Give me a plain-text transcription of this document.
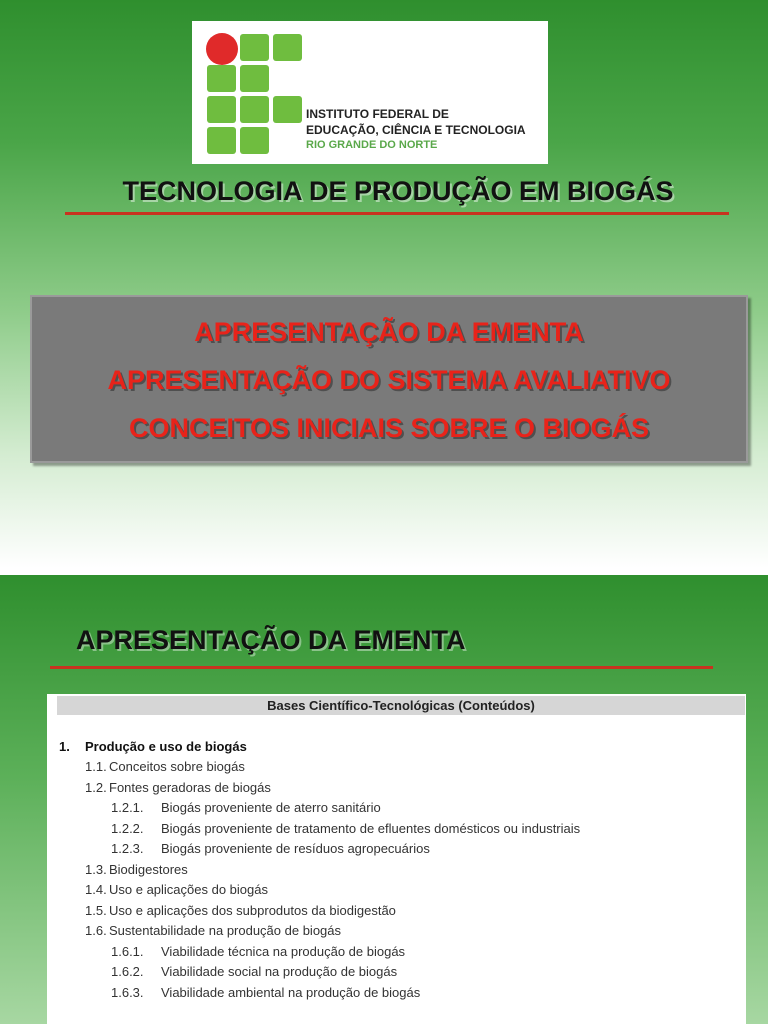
INSTITUTO FEDERAL DE
EDUCAÇÃO, CIÊNCIA E TECNOLOGIA
RIO GRANDE DO NORTE
TECNOLOGIA DE PRODUÇÃO EM BIOGÁS
APRESENTAÇÃO DA EMENTA
APRESENTAÇÃO DO SISTEMA AVALIATIVO
CONCEITOS INICIAIS SOBRE O BIOGÁS
APRESENTAÇÃO DA EMENTA
Bases Científico-Tecnológicas (Conteúdos)
1. Produção e uso de biogás
1.1. Conceitos sobre biogás
1.2. Fontes geradoras de biogás
1.2.1. Biogás proveniente de aterro sanitário
1.2.2. Biogás proveniente de tratamento de efluentes domésticos ou industriais
1.2.3. Biogás proveniente de resíduos agropecuários
1.3. Biodigestores
1.4. Uso e aplicações do biogás
1.5. Uso e aplicações dos subprodutos da biodigestão
1.6. Sustentabilidade na produção de biogás
1.6.1. Viabilidade técnica na produção de biogás
1.6.2. Viabilidade social na produção de biogás
1.6.3. Viabilidade ambiental na produção de biogás
